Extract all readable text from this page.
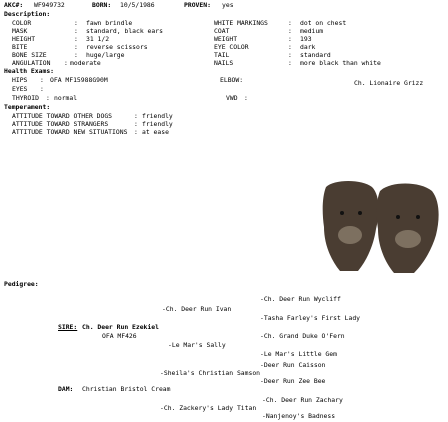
AKC#: WF949732	BORN: 10/5/1986	PROVEN: yes
Description:
COLOR	: fawn brindle
MASK	: standard, black ears
HEIGHT	: 31 1/2
BITE	: reverse scissors
BONE SIZE	: huge/large
ANGULATION : moderate
WHITE MARKINGS	: dot on chest
COAT	: medium
WEIGHT	: 193
EYE COLOR	: dark
TAIL	: standard
NAILS	: more black than white
Health Exams:
HIPS : OFA MF15988G90M
EYES :
THYROID : normal
ELBOW:
VWD :
Ch. Lionaire Grizz
Temperament:
ATTITUDE TOWARD OTHER DOGS	: friendly
ATTITUDE TOWARD STRANGERS	: friendly
ATTITUDE TOWARD NEW SITUATIONS : at ease
Pedigree:
-Ch. Deer Run Wycliff
-Ch. Deer Run Ivan
-Tasha Farley's First Lady
SIRE: Ch. Deer Run Ezekiel
OFA MF426	-Ch. Grand Duke O'Fern
-Le Mar's Sally
-Le Mar's Little Gem
-Deer Run Caisson
-Sheila's Christian Samson
-Deer Run Zee Bee
DAM: Christian Bristol Cream
-Ch. Deer Run Zachary
-Ch. Zackery's Lady Titan
-Nanjenoy's Badness
